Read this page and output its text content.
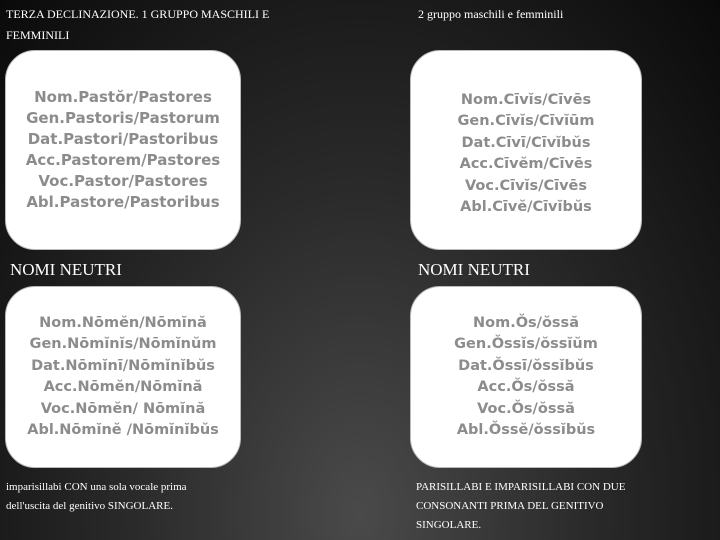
TERZA DECLINAZIONE. 1 GRUPPO MASCHILI E FEMMINILI
2 gruppo maschili e femminili
Nom.Pastŏr/Pastores
Gen.Pastoris/Pastorum
Dat.Pastori/Pastoribus
Acc.Pastorem/Pastores
Voc.Pastor/Pastores
Abl.Pastore/Pastoribus
Nom.Cīvĭs/Cīvēs
Gen.Cīvĭs/Cīvĭūm
Dat.Cīvī/Cīvĭbŭs
Acc.Cīvĕm/Cīvēs
Voc.Cīvĭs/Cīvēs
Abl.Cīvĕ/Cīvĭbŭs
NOMI NEUTRI	NOMI NEUTRI
Nom.Nōmĕn/Nōmĭnă
Gen.Nōmĭnĭs/Nōmĭnŭm
Dat.Nōmĭnī/Nōmĭnĭbŭs
Acc.Nōmĕn/Nōmĭnă
Voc.Nōmĕn/ Nōmĭnă
Abl.Nōmĭnĕ /Nōmĭnĭbŭs
Nom.Ŏs/ŏssă
Gen.Ŏssĭs/ŏssĭŭm
Dat.Ŏssī/ŏssĭbŭs
Acc.Ŏs/ŏssă
Voc.Ŏs/ŏssă
Abl.Ŏssĕ/ŏssĭbŭs
imparisillabi CON una sola vocale prima dell'uscita del genitivo SINGOLARE.
PARISILLABI E IMPARISILLABI CON DUE CONSONANTI PRIMA DEL GENITIVO SINGOLARE.
